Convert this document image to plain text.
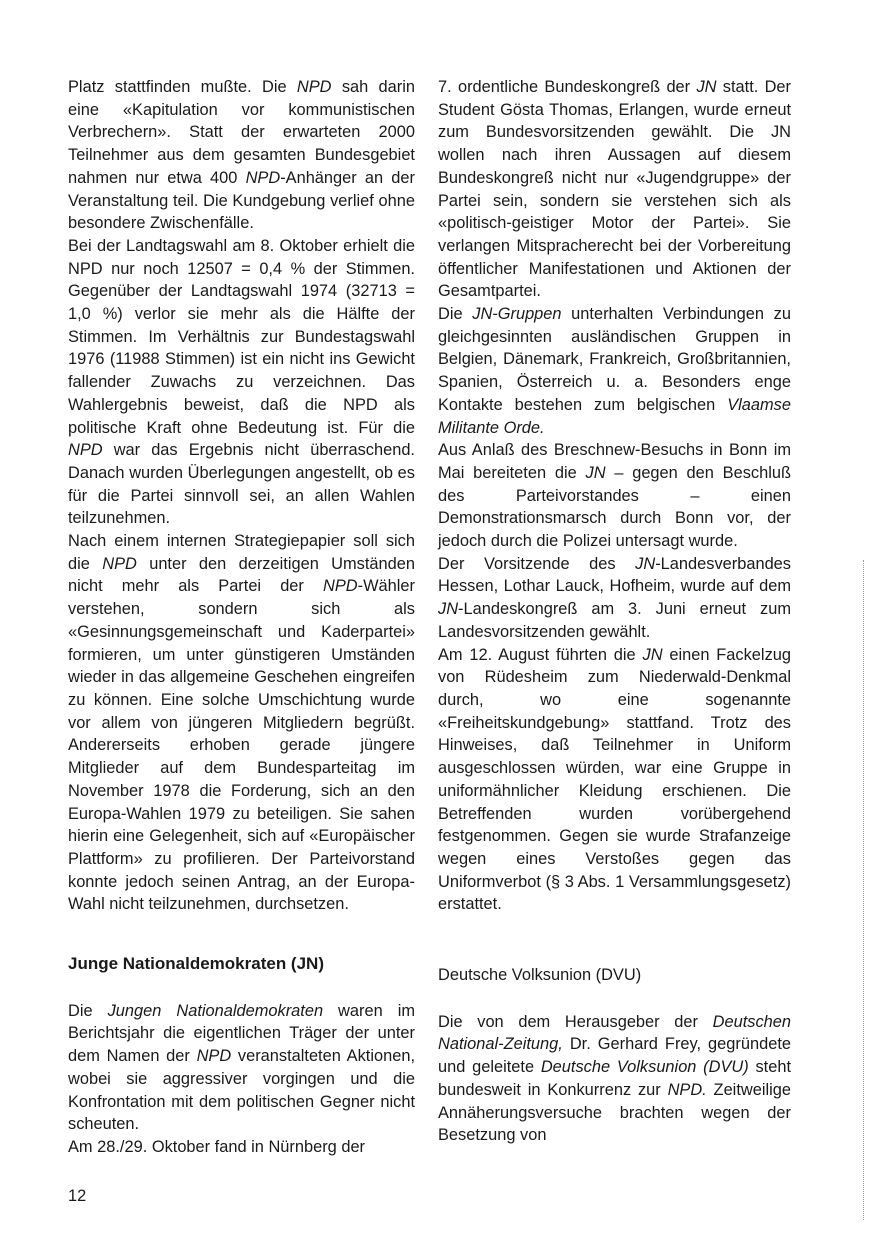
Platz stattfinden mußte. Die NPD sah darin eine «Kapitulation vor kommunistischen Verbrechern». Statt der erwarteten 2000 Teilnehmer aus dem gesamten Bundesgebiet nahmen nur etwa 400 NPD-Anhänger an der Veranstaltung teil. Die Kundgebung verlief ohne besondere Zwischenfälle.

Bei der Landtagswahl am 8. Oktober erhielt die NPD nur noch 12507 = 0,4 % der Stimmen. Gegenüber der Landtagswahl 1974 (32713 = 1,0 %) verlor sie mehr als die Hälfte der Stimmen. Im Verhältnis zur Bundestagswahl 1976 (11988 Stimmen) ist ein nicht ins Gewicht fallender Zuwachs zu verzeichnen. Das Wahlergebnis beweist, daß die NPD als politische Kraft ohne Bedeutung ist. Für die NPD war das Ergebnis nicht überraschend. Danach wurden Überlegungen angestellt, ob es für die Partei sinnvoll sei, an allen Wahlen teilzunehmen.

Nach einem internen Strategiepapier soll sich die NPD unter den derzeitigen Umständen nicht mehr als Partei der NPD-Wähler verstehen, sondern sich als «Gesinnungsgemeinschaft und Kaderpartei» formieren, um unter günstigeren Umständen wieder in das allgemeine Geschehen eingreifen zu können. Eine solche Umschichtung wurde vor allem von jüngeren Mitgliedern begrüßt. Andererseits erhoben gerade jüngere Mitglieder auf dem Bundesparteitag im November 1978 die Forderung, sich an den Europa-Wahlen 1979 zu beteiligen. Sie sahen hierin eine Gelegenheit, sich auf «Europäischer Plattform» zu profilieren. Der Parteivorstand konnte jedoch seinen Antrag, an der Europa-Wahl nicht teilzunehmen, durchsetzen.

Junge Nationaldemokraten (JN)

Die Jungen Nationaldemokraten waren im Berichtsjahr die eigentlichen Träger der unter dem Namen der NPD veranstalteten Aktionen, wobei sie aggressiver vorgingen und die Konfrontation mit dem politischen Gegner nicht scheuten.

Am 28./29. Oktober fand in Nürnberg der

7. ordentliche Bundeskongreß der JN statt. Der Student Gösta Thomas, Erlangen, wurde erneut zum Bundesvorsitzenden gewählt. Die JN wollen nach ihren Aussagen auf diesem Bundeskongreß nicht nur «Jugendgruppe» der Partei sein, sondern sie verstehen sich als «politisch-geistiger Motor der Partei». Sie verlangen Mitspracherecht bei der Vorbereitung öffentlicher Manifestationen und Aktionen der Gesamtpartei.

Die JN-Gruppen unterhalten Verbindungen zu gleichgesinnten ausländischen Gruppen in Belgien, Dänemark, Frankreich, Großbritannien, Spanien, Österreich u. a. Besonders enge Kontakte bestehen zum belgischen Vlaamse Militante Orde.

Aus Anlaß des Breschnew-Besuchs in Bonn im Mai bereiteten die JN – gegen den Beschluß des Parteivorstandes – einen Demonstrationsmarsch durch Bonn vor, der jedoch durch die Polizei untersagt wurde.

Der Vorsitzende des JN-Landesverbandes Hessen, Lothar Lauck, Hofheim, wurde auf dem JN-Landeskongreß am 3. Juni erneut zum Landesvorsitzenden gewählt.

Am 12. August führten die JN einen Fackelzug von Rüdesheim zum Niederwald-Denkmal durch, wo eine sogenannte «Freiheitskundgebung» stattfand. Trotz des Hinweises, daß Teilnehmer in Uniform ausgeschlossen würden, war eine Gruppe in uniformähnlicher Kleidung erschienen. Die Betreffenden wurden vorübergehend festgenommen. Gegen sie wurde Strafanzeige wegen eines Verstoßes gegen das Uniformverbot (§ 3 Abs. 1 Versammlungsgesetz) erstattet.

Deutsche Volksunion (DVU)

Die von dem Herausgeber der Deutschen National-Zeitung, Dr. Gerhard Frey, gegründete und geleitete Deutsche Volksunion (DVU) steht bundesweit in Konkurrenz zur NPD. Zeitweilige Annäherungsversuche brachten wegen der Besetzung von

12
